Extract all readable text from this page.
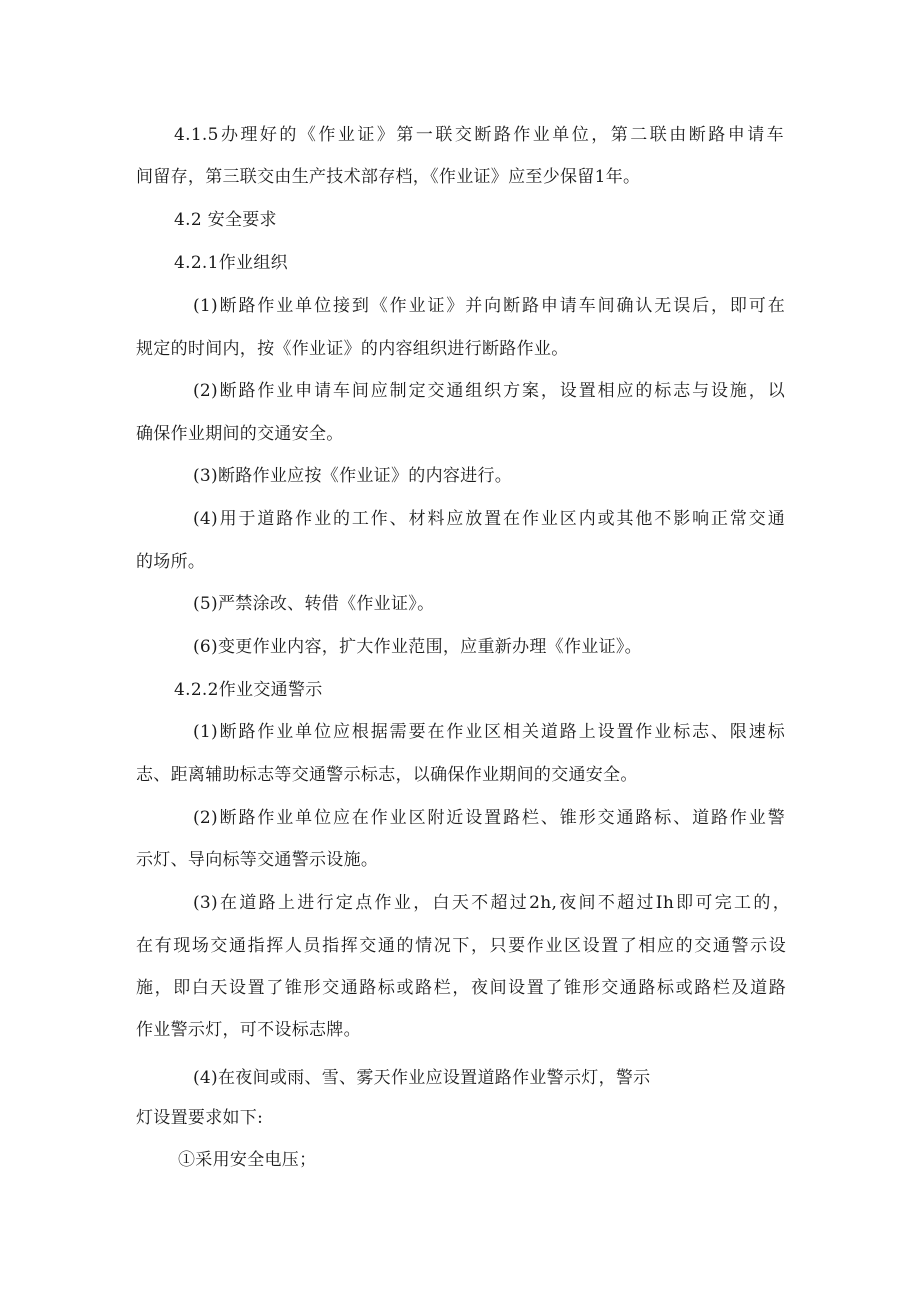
4.1.5办理好的《作业证》第一联交断路作业单位，第二联由断路申请车
间留存，第三联交由生产技术部存档，《作业证》应至少保留1年。
4.2 安全要求
4.2.1作业组织
(1)断路作业单位接到《作业证》并向断路申请车间确认无误后，即可在
规定的时间内，按《作业证》的内容组织进行断路作业。
(2)断路作业申请车间应制定交通组织方案，设置相应的标志与设施，以
确保作业期间的交通安全。
(3)断路作业应按《作业证》的内容进行。
(4)用于道路作业的工作、材料应放置在作业区内或其他不影响正常交通
的场所。
(5)严禁涂改、转借《作业证》。
(6)变更作业内容，扩大作业范围，应重新办理《作业证》。
4.2.2作业交通警示
(1)断路作业单位应根据需要在作业区相关道路上设置作业标志、限速标
志、距离辅助标志等交通警示标志，以确保作业期间的交通安全。
(2)断路作业单位应在作业区附近设置路栏、锥形交通路标、道路作业警
示灯、导向标等交通警示设施。
(3)在道路上进行定点作业，白天不超过2h,夜间不超过Ih即可完工的，
在有现场交通指挥人员指挥交通的情况下，只要作业区设置了相应的交通警示设
施，即白天设置了锥形交通路标或路栏，夜间设置了锥形交通路标或路栏及道路
作业警示灯，可不设标志牌。
(4)在夜间或雨、雪、雾天作业应设置道路作业警示灯，警示
灯设置要求如下:
①采用安全电压；
